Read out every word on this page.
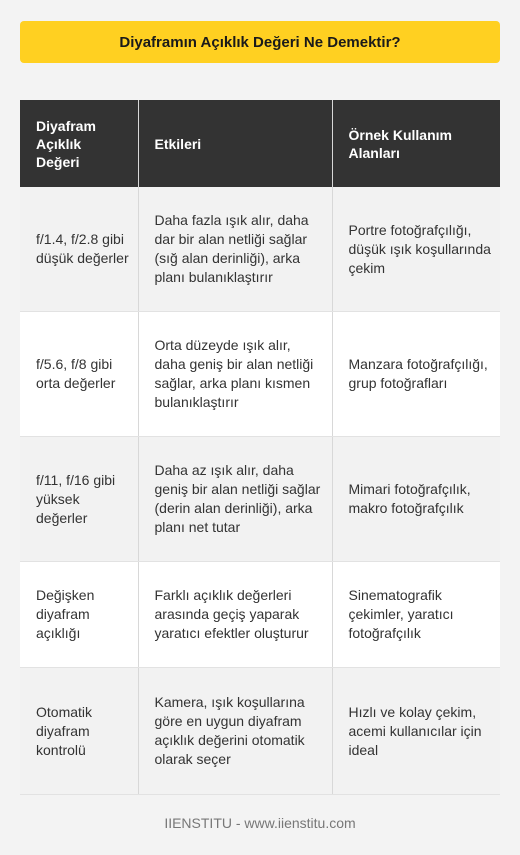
Diyaframın Açıklık Değeri Ne Demektir?
Diyafram Açıklık Değeri	Etkileri	Örnek Kullanım Alanları
f/1.4, f/2.8 gibi düşük değerler	Daha fazla ışık alır, daha dar bir alan netliği sağlar (sığ alan derinliği), arka planı bulanıklaştırır	Portre fotoğrafçılığı, düşük ışık koşullarında çekim
f/5.6, f/8 gibi orta değerler	Orta düzeyde ışık alır, daha geniş bir alan netliği sağlar, arka planı kısmen bulanıklaştırır	Manzara fotoğrafçılığı, grup fotoğrafları
f/11, f/16 gibi yüksek değerler	Daha az ışık alır, daha geniş bir alan netliği sağlar (derin alan derinliği), arka planı net tutar	Mimari fotoğrafçılık, makro fotoğrafçılık
Değişken diyafram açıklığı	Farklı açıklık değerleri arasında geçiş yaparak yaratıcı efektler oluşturur	Sinematografik çekimler, yaratıcı fotoğrafçılık
Otomatik diyafram kontrolü	Kamera, ışık koşullarına göre en uygun diyafram açıklık değerini otomatik olarak seçer	Hızlı ve kolay çekim, acemi kullanıcılar için ideal
IIENSTITU - www.iienstitu.com
